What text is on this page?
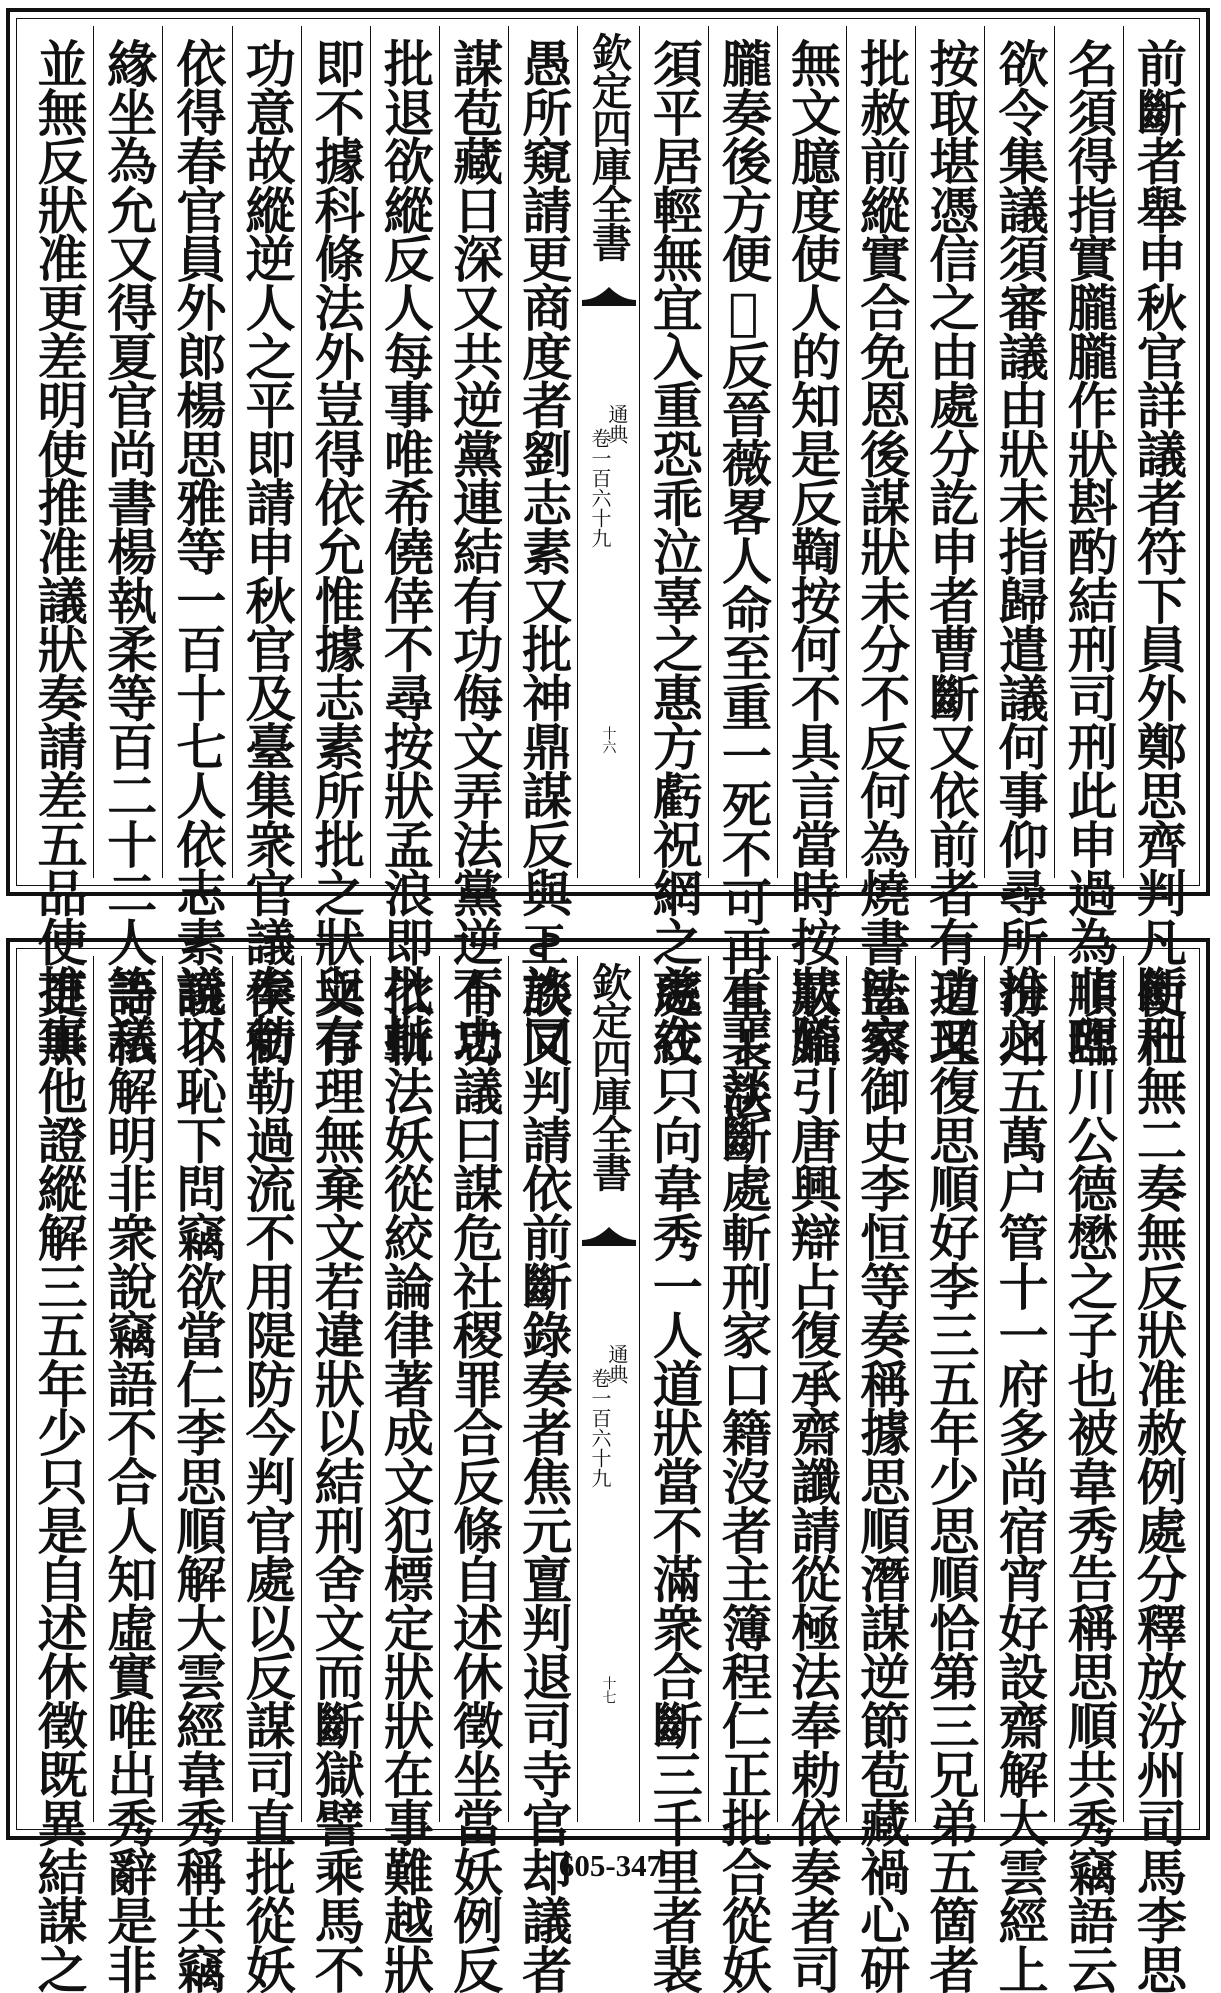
前斷者舉申秋官詳議者符下員外鄭思齊判凡斷刑
名須得指實朧朧作狀斟酌結刑司刑此申過為非理
欲令集議須審議由狀未指歸遣議何事仰尋所推之
按取堪憑信之由處分訖申者曹斷又依前者有功又
批赦前縱實合免恩後謀狀未分不反何為燒書法家
無文臆度使人的知是反鞫按何不具言當時按狀朧
朧奏後方便𫟠反晉薇畧人命至重一死不可再生王法
須平居輕無宜入重恐乖泣辜之惠方虧祝網之慈在
欽定四庫全書
通典
卷一百六十九
十六
愚所窺請更商度者劉志素又批神鼎謀反與𢀓族同
謀苞藏日深又共逆黨連結有功侮文弄法黨逆不忠
批退欲縱反人每事唯希僥倖不尋按狀孟浪即批批
即不據科條法外豈得依允惟據志素所批之狀與有
功意故縱逆人之平即請申秋官及臺集衆官議奉勅
依得春官員外郎楊思雅等一百十七人依志素議以
緣坐為允又得夏官尚書楊執柔等百二十二人等議
並無反狀准更差明使推准議狀奏請差五品使推事
使杜無二奏無反狀准赦例處分釋放汾州司馬李思
順臨川公德懋之子也被韋秀告稱思順共秀竊語云
汾州五萬户管十一府多尚宿宵好設齋解大雲經上
道理復思順好李三五年少思順恰第三兄弟五箇者
監察御史李恒等奏稱據思順潛謀逆節苞藏禍心研
覈始引唐興辯占復承齋讖請從極法奉勅依奏者司
直裴談斷處斬刑家口籍沒者主簿程仁正批合從妖
處絞只向韋秀一人道狀當不滿衆合斷三千里者裴
欽定四庫全書
通典
卷一百六十九
十七
談又判請依前斷錄奏者焦元亶判退司寺官却議者
有功議曰謀危社稷罪合反條自述休徵坐當妖例反
依斬法妖從絞論律著成文犯標定狀狀在事難越狀
文存理無棄文若違狀以結刑舍文而斷獄譬乘馬不
俟銜勒過流不用隄防今判官處以反謀司直批從妖
說不恥下問竊欲當仁李思順解大雲經韋秀稱共竊
語私解明非衆說竊語不合人知虛實唯出秀辭是非
更無他證縱解三五年少只是自述休徵既異結謀之	605-347
